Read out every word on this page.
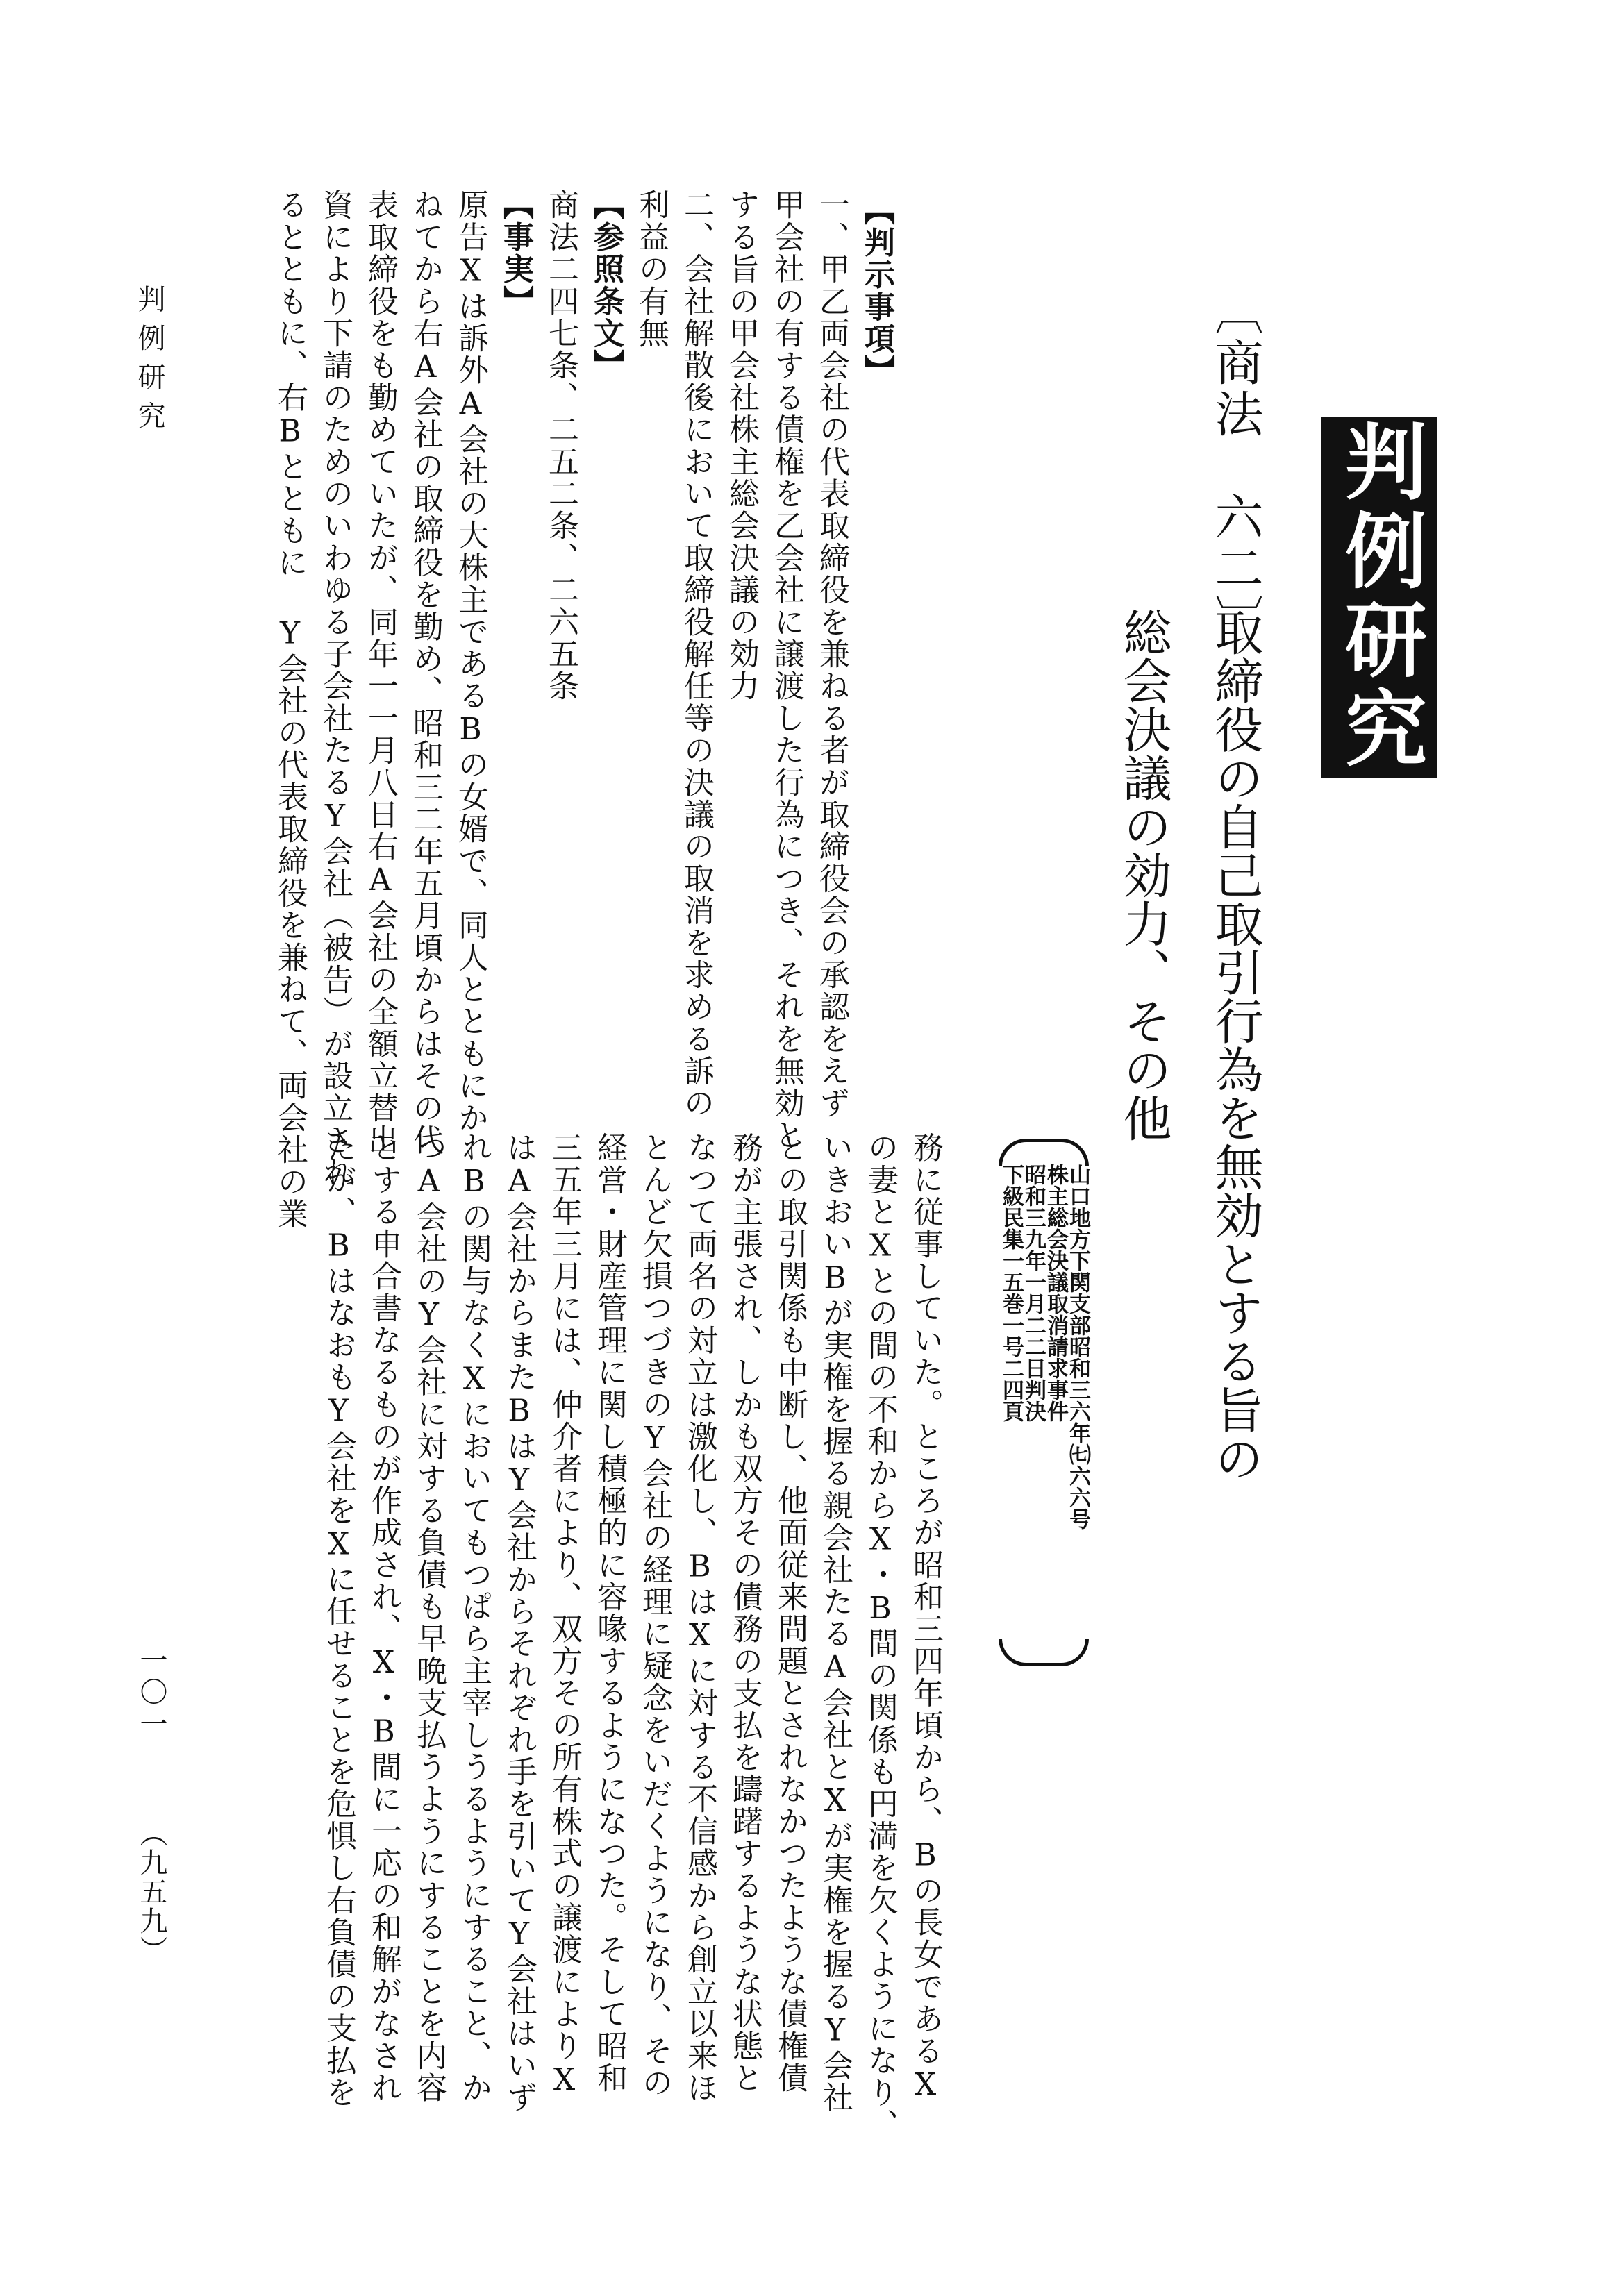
判例研究
〔商法　六二〕
取締役の自己取引行為を無効とする旨の
総会決議の効力、その他
山口地方下関支部昭和三六年㈦六六号
株主総会決議取消請求事件
昭和三九年一月二二日判決
下級民集一五巻一号二四頁
【判示事項】
一、甲乙両会社の代表取締役を兼ねる者が取締役会の承認をえず
甲会社の有する債権を乙会社に譲渡した行為につき、それを無効と
する旨の甲会社株主総会決議の効力
二、会社解散後において取締役解任等の決議の取消を求める訴の
利益の有無
【参照条文】
商法二四七条、二五二条、二六五条
【事実】
原告Xは訴外A会社の大株主であるBの女婿で、同人とともにか
ねてから右A会社の取締役を勤め、昭和三二年五月頃からはその代
表取締役をも勤めていたが、同年一一月八日右A会社の全額立替出
資により下請のためのいわゆる子会社たるY会社（被告）が設立され
るとともに、右Bとともに Y会社の代表取締役を兼ねて、両会社の業
務に従事していた。ところが昭和三四年頃から、Bの長女であるX
の妻とXとの間の不和からX・B間の関係も円満を欠くようになり、
いきおいBが実権を握る親会社たるA会社とXが実権を握るY会社
との取引関係も中断し、他面従来問題とされなかつたような債権債
務が主張され、しかも双方その債務の支払を躊躇するような状態と
なつて両名の対立は激化し、BはXに対する不信感から創立以来ほ
とんど欠損つづきのY会社の経理に疑念をいだくようになり、その
経営・財産管理に関し積極的に容喙するようになつた。そして昭和
三五年三月には、仲介者により、双方その所有株式の譲渡によりX
はA会社からまたBはY会社からそれぞれ手を引いてY会社はいず
れBの関与なくXにおいてもつぱら主宰しうるようにすること、か
つA会社のY会社に対する負債も早晩支払うようにすることを内容
とする申合書なるものが作成され、X・B間に一応の和解がなされ
たが、BはなおもY会社をXに任せることを危惧し右負債の支払を
判例研究
一〇一
（九五九）
